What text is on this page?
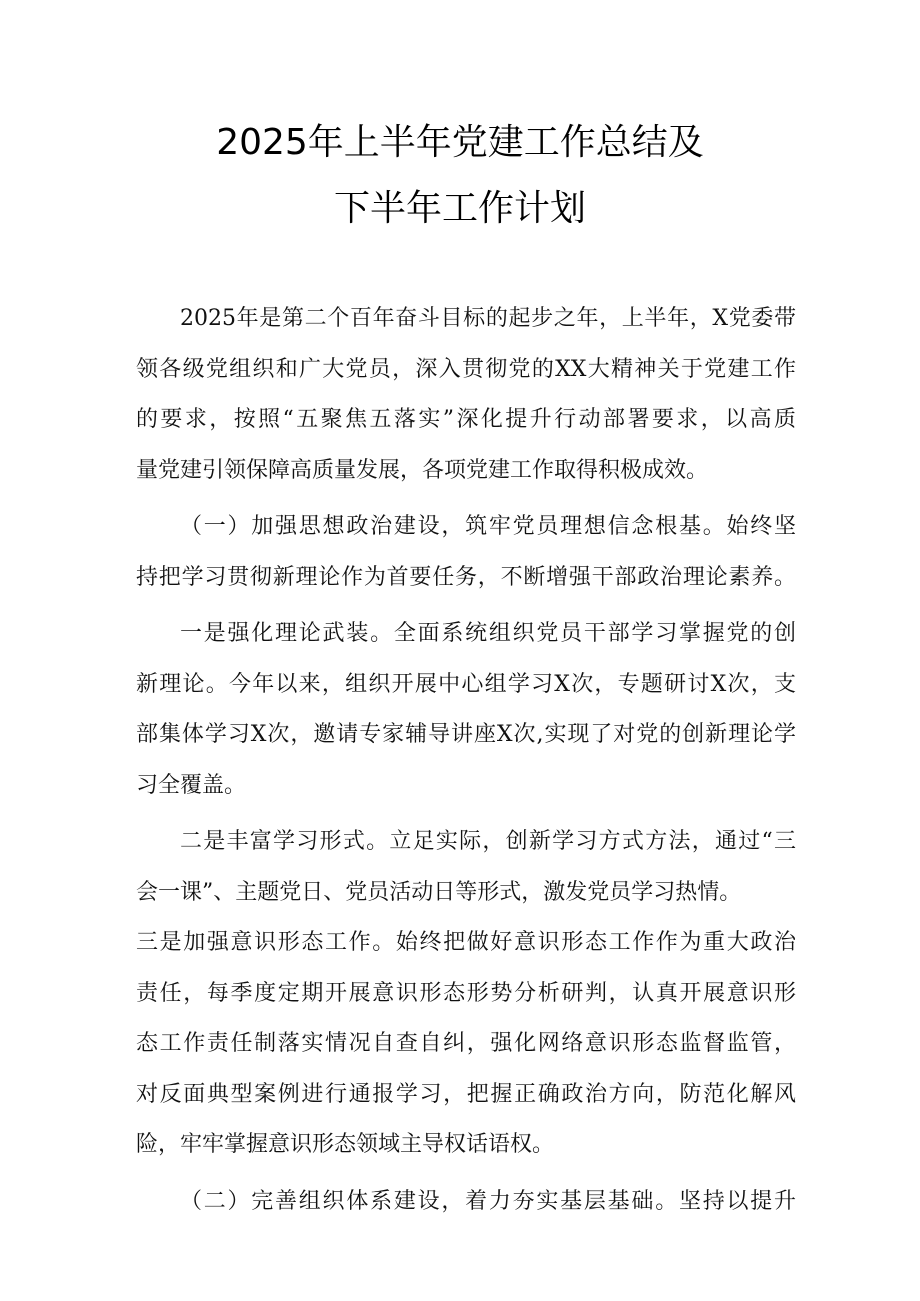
2025年上半年党建工作总结及
下半年工作计划
2025年是第二个百年奋斗目标的起步之年，上半年，X党委带
领各级党组织和广大党员，深入贯彻党的XX大精神关于党建工作
的要求，按照“五聚焦五落实”深化提升行动部署要求，以高质
量党建引领保障高质量发展，各项党建工作取得积极成效。
（一）加强思想政治建设，筑牢党员理想信念根基。始终坚
持把学习贯彻新理论作为首要任务，不断增强干部政治理论素养。
一是强化理论武装。全面系统组织党员干部学习掌握党的创
新理论。今年以来，组织开展中心组学习X次，专题研讨X次，支
部集体学习X次，邀请专家辅导讲座X次,实现了对党的创新理论学
习全覆盖。
二是丰富学习形式。立足实际，创新学习方式方法，通过“三
会一课”、主题党日、党员活动日等形式，激发党员学习热情。
三是加强意识形态工作。始终把做好意识形态工作作为重大政治
责任，每季度定期开展意识形态形势分析研判，认真开展意识形
态工作责任制落实情况自查自纠，强化网络意识形态监督监管，
对反面典型案例进行通报学习，把握正确政治方向，防范化解风
险，牢牢掌握意识形态领域主导权话语权。
（二）完善组织体系建设，着力夯实基层基础。坚持以提升
